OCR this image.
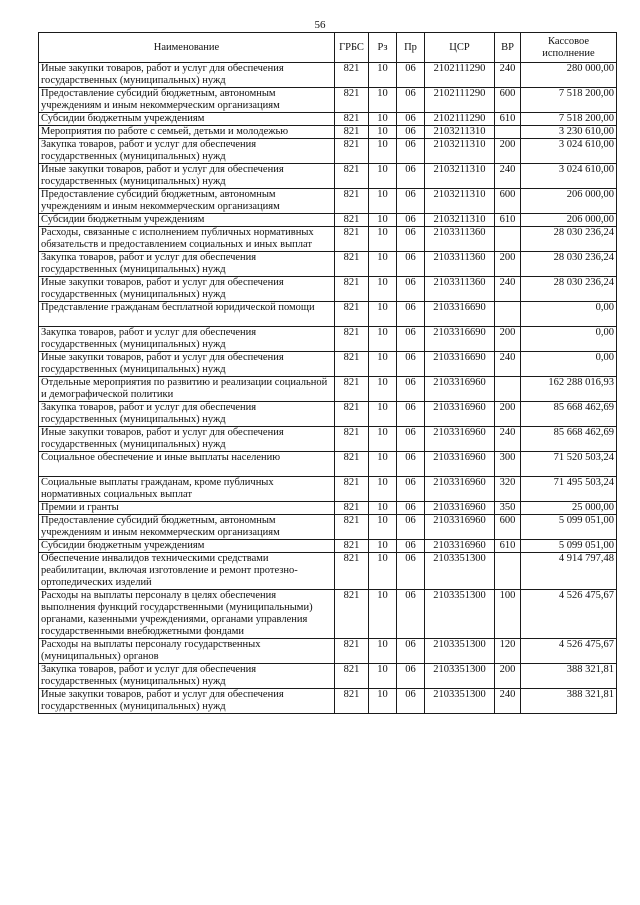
56
Наименование	ГРБС	Рз	Пр	ЦСР	ВР	Кассовое исполнение
Иные закупки товаров, работ и услуг для обеспечения государственных (муниципальных) нужд	821	10	06	2102111290	240	280 000,00
Предоставление субсидий бюджетным, автономным учреждениям и иным некоммерческим организациям	821	10	06	2102111290	600	7 518 200,00
Субсидии бюджетным учреждениям	821	10	06	2102111290	610	7 518 200,00
Мероприятия по работе с семьей, детьми и молодежью	821	10	06	2103211310		3 230 610,00
Закупка товаров, работ и услуг для обеспечения государственных (муниципальных) нужд	821	10	06	2103211310	200	3 024 610,00
Иные закупки товаров, работ и услуг для обеспечения государственных (муниципальных) нужд	821	10	06	2103211310	240	3 024 610,00
Предоставление субсидий бюджетным, автономным учреждениям и иным некоммерческим организациям	821	10	06	2103211310	600	206 000,00
Субсидии бюджетным учреждениям	821	10	06	2103211310	610	206 000,00
Расходы, связанные с исполнением публичных нормативных обязательств и предоставлением социальных и иных выплат	821	10	06	2103311360		28 030 236,24
Закупка товаров, работ и услуг для обеспечения государственных (муниципальных) нужд	821	10	06	2103311360	200	28 030 236,24
Иные закупки товаров, работ и услуг для обеспечения государственных (муниципальных) нужд	821	10	06	2103311360	240	28 030 236,24
Представление гражданам бесплатной юридической помощи	821	10	06	2103316690		0,00
Закупка товаров, работ и услуг для обеспечения государственных (муниципальных) нужд	821	10	06	2103316690	200	0,00
Иные закупки товаров, работ и услуг для обеспечения государственных (муниципальных) нужд	821	10	06	2103316690	240	0,00
Отдельные мероприятия по развитию и реализации социальной и демографической политики	821	10	06	2103316960		162 288 016,93
Закупка товаров, работ и услуг для обеспечения государственных (муниципальных) нужд	821	10	06	2103316960	200	85 668 462,69
Иные закупки товаров, работ и услуг для обеспечения государственных (муниципальных) нужд	821	10	06	2103316960	240	85 668 462,69
Социальное обеспечение и иные выплаты населению	821	10	06	2103316960	300	71 520 503,24
Социальные выплаты гражданам, кроме публичных нормативных социальных выплат	821	10	06	2103316960	320	71 495 503,24
Премии и гранты	821	10	06	2103316960	350	25 000,00
Предоставление субсидий бюджетным, автономным учреждениям и иным некоммерческим организациям	821	10	06	2103316960	600	5 099 051,00
Субсидии бюджетным учреждениям	821	10	06	2103316960	610	5 099 051,00
Обеспечение инвалидов техническими средствами реабилитации, включая изготовление и ремонт протезно-ортопедических изделий	821	10	06	2103351300		4 914 797,48
Расходы на выплаты персоналу в целях обеспечения выполнения функций государственными (муниципальными) органами, казенными учреждениями, органами управления государственными внебюджетными фондами	821	10	06	2103351300	100	4 526 475,67
Расходы на выплаты персоналу государственных (муниципальных) органов	821	10	06	2103351300	120	4 526 475,67
Закупка товаров, работ и услуг для обеспечения государственных (муниципальных) нужд	821	10	06	2103351300	200	388 321,81
Иные закупки товаров, работ и услуг для обеспечения государственных (муниципальных) нужд	821	10	06	2103351300	240	388 321,81
